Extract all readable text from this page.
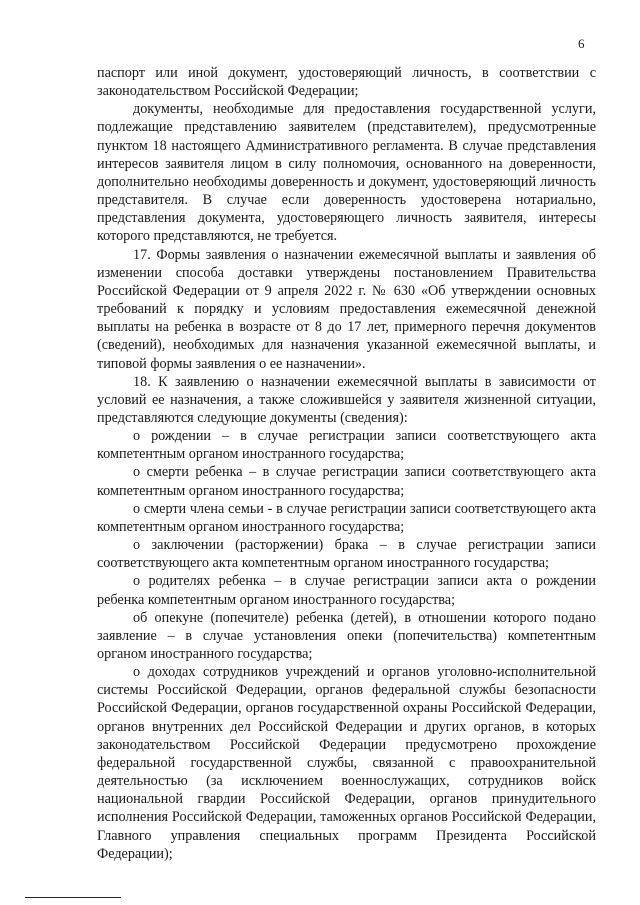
6

паспорт или иной документ, удостоверяющий личность, в соответствии с законодательством Российской Федерации;

документы, необходимые для предоставления государственной услуги, подлежащие представлению заявителем (представителем), предусмотренные пунктом 18 настоящего Административного регламента. В случае представления интересов заявителя лицом в силу полномочия, основанного на доверенности, дополнительно необходимы доверенность и документ, удостоверяющий личность представителя. В случае если доверенность удостоверена нотариально, представления документа, удостоверяющего личность заявителя, интересы которого представляются, не требуется.

17. Формы заявления о назначении ежемесячной выплаты и заявления об изменении способа доставки утверждены постановлением Правительства Российской Федерации от 9 апреля 2022 г. № 630 «Об утверждении основных требований к порядку и условиям предоставления ежемесячной денежной выплаты на ребенка в возрасте от 8 до 17 лет, примерного перечня документов (сведений), необходимых для назначения указанной ежемесячной выплаты, и типовой формы заявления о ее назначении».

18. К заявлению о назначении ежемесячной выплаты в зависимости от условий ее назначения, а также сложившейся у заявителя жизненной ситуации, представляются следующие документы (сведения):

о рождении – в случае регистрации записи соответствующего акта компетентным органом иностранного государства;

о смерти ребенка – в случае регистрации записи соответствующего акта компетентным органом иностранного государства;

о смерти члена семьи - в случае регистрации записи соответствующего акта компетентным органом иностранного государства;

о заключении (расторжении) брака – в случае регистрации записи соответствующего акта компетентным органом иностранного государства;

о родителях ребенка – в случае регистрации записи акта о рождении ребенка компетентным органом иностранного государства;

об опекуне (попечителе) ребенка (детей), в отношении которого подано заявление – в случае установления опеки (попечительства) компетентным органом иностранного государства;

о доходах сотрудников учреждений и органов уголовно-исполнительной системы Российской Федерации, органов федеральной службы безопасности Российской Федерации, органов государственной охраны Российской Федерации, органов внутренних дел Российской Федерации и других органов, в которых законодательством Российской Федерации предусмотрено прохождение федеральной государственной службы, связанной с правоохранительной деятельностью (за исключением военнослужащих, сотрудников войск национальной гвардии Российской Федерации, органов принудительного исполнения Российской Федерации, таможенных органов Российской Федерации, Главного управления специальных программ Президента Российской Федерации);
